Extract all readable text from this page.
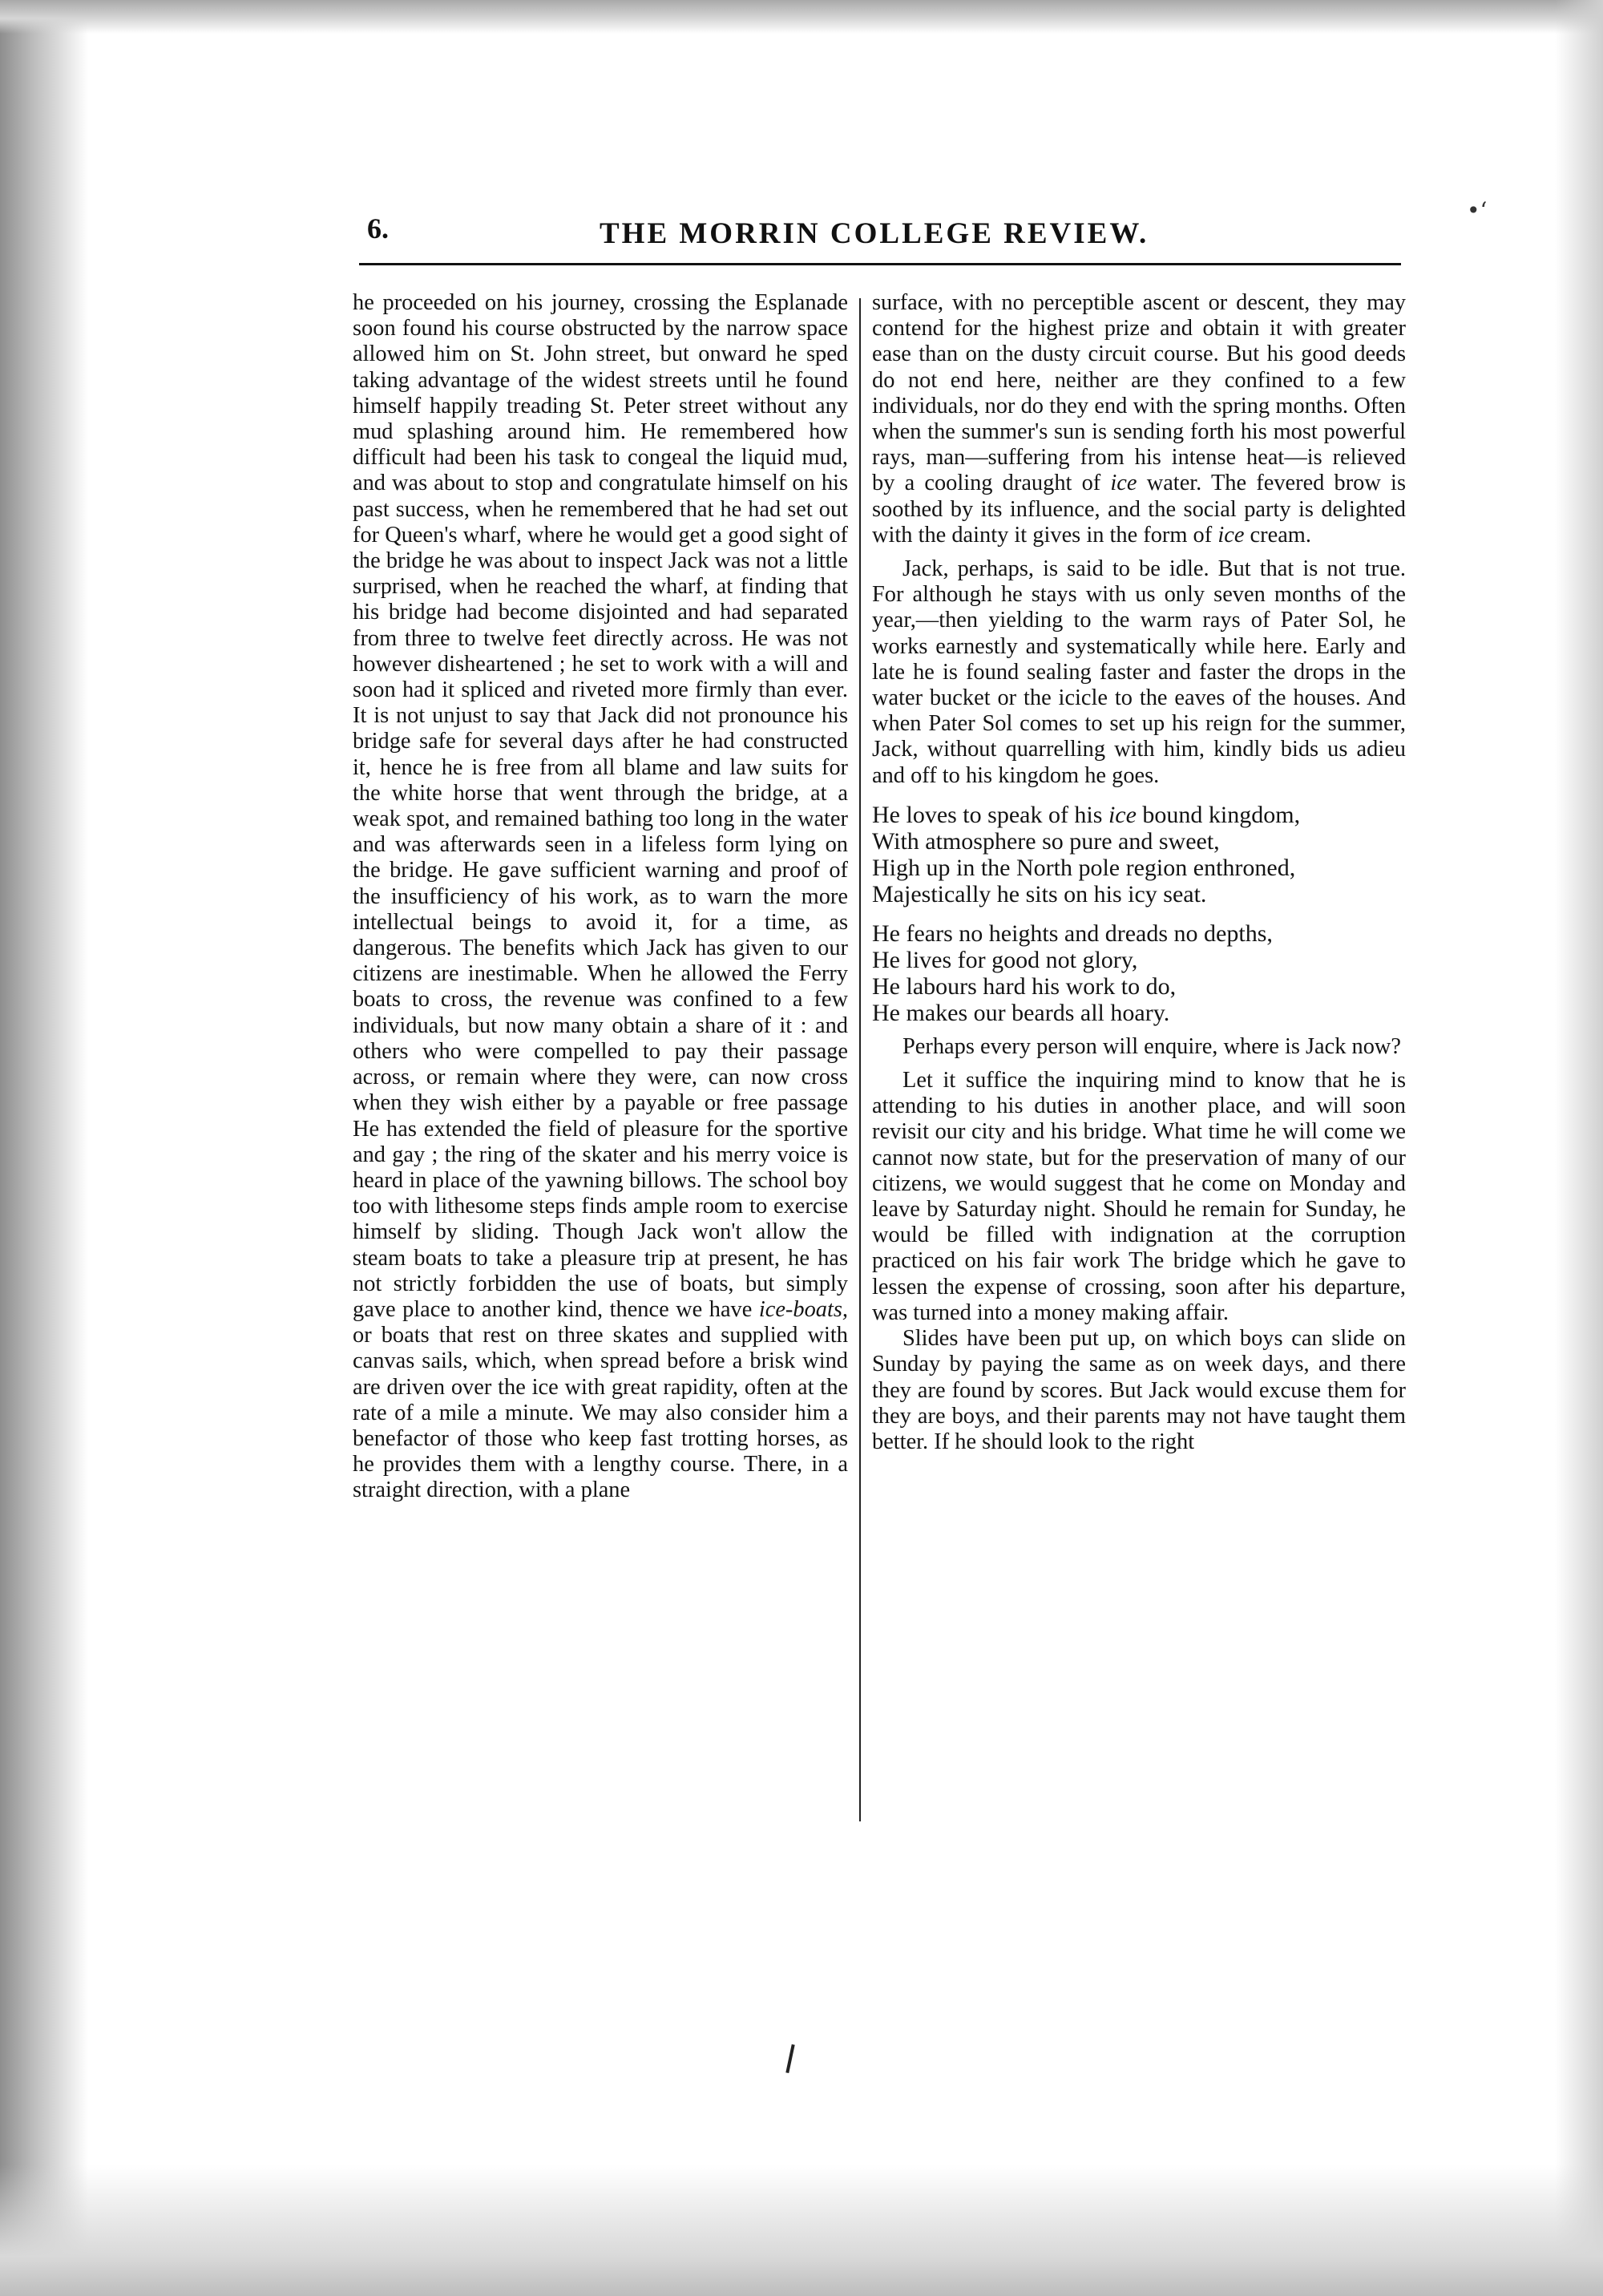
6.	THE MORRIN COLLEGE REVIEW.
•ʻ

he proceeded on his journey, crossing the Esplanade soon found his course obstructed by the narrow space allowed him on St. John street, but onward he sped taking advantage of the widest streets until he found himself happily treading St. Peter street without any mud splashing around him. He remembered how difficult had been his task to congeal the liquid mud, and was about to stop and congratulate himself on his past success, when he remembered that he had set out for Queen's wharf, where he would get a good sight of the bridge he was about to inspect Jack was not a little surprised, when he reached the wharf, at finding that his bridge had become disjointed and had separated from three to twelve feet directly across. He was not however disheartened ; he set to work with a will and soon had it spliced and riveted more firmly than ever. It is not unjust to say that Jack did not pronounce his bridge safe for several days after he had constructed it, hence he is free from all blame and law suits for the white horse that went through the bridge, at a weak spot, and remained bathing too long in the water and was afterwards seen in a lifeless form lying on the bridge. He gave sufficient warning and proof of the insufficiency of his work, as to warn the more intellectual beings to avoid it, for a time, as dangerous. The benefits which Jack has given to our citizens are inestimable. When he allowed the Ferry boats to cross, the revenue was confined to a few individuals, but now many obtain a share of it : and others who were compelled to pay their passage across, or remain where they were, can now cross when they wish either by a payable or free passage He has extended the field of pleasure for the sportive and gay ; the ring of the skater and his merry voice is heard in place of the yawning billows. The school boy too with lithesome steps finds ample room to exercise himself by sliding. Though Jack won't allow the steam boats to take a pleasure trip at present, he has not strictly forbidden the use of boats, but simply gave place to another kind, thence we have ice-boats, or boats that rest on three skates and supplied with canvas sails, which, when spread before a brisk wind are driven over the ice with great rapidity, often at the rate of a mile a minute. We may also consider him a benefactor of those who keep fast trotting horses, as he provides them with a lengthy course. There, in a straight direction, with a plane

surface, with no perceptible ascent or descent, they may contend for the highest prize and obtain it with greater ease than on the dusty circuit course. But his good deeds do not end here, neither are they confined to a few individuals, nor do they end with the spring months. Often when the summer's sun is sending forth his most powerful rays, man—suffering from his intense heat—is relieved by a cooling draught of ice water. The fevered brow is soothed by its influence, and the social party is delighted with the dainty it gives in the form of ice cream.

Jack, perhaps, is said to be idle. But that is not true. For although he stays with us only seven months of the year,—then yielding to the warm rays of Pater Sol, he works earnestly and systematically while here. Early and late he is found sealing faster and faster the drops in the water bucket or the icicle to the eaves of the houses. And when Pater Sol comes to set up his reign for the summer, Jack, without quarrelling with him, kindly bids us adieu and off to his kingdom he goes.

He loves to speak of his ice bound kingdom,
With atmosphere so pure and sweet,
High up in the North pole region enthroned,
Majestically he sits on his icy seat.
He fears no heights and dreads no depths,
He lives for good not glory,
He labours hard his work to do,
He makes our beards all hoary.

Perhaps every person will enquire, where is Jack now?

Let it suffice the inquiring mind to know that he is attending to his duties in another place, and will soon revisit our city and his bridge. What time he will come we cannot now state, but for the preservation of many of our citizens, we would suggest that he come on Monday and leave by Saturday night. Should he remain for Sunday, he would be filled with indignation at the corruption practiced on his fair work The bridge which he gave to lessen the expense of crossing, soon after his departure, was turned into a money making affair.

Slides have been put up, on which boys can slide on Sunday by paying the same as on week days, and there they are found by scores. But Jack would excuse them for they are boys, and their parents may not have taught them better. If he should look to the right
